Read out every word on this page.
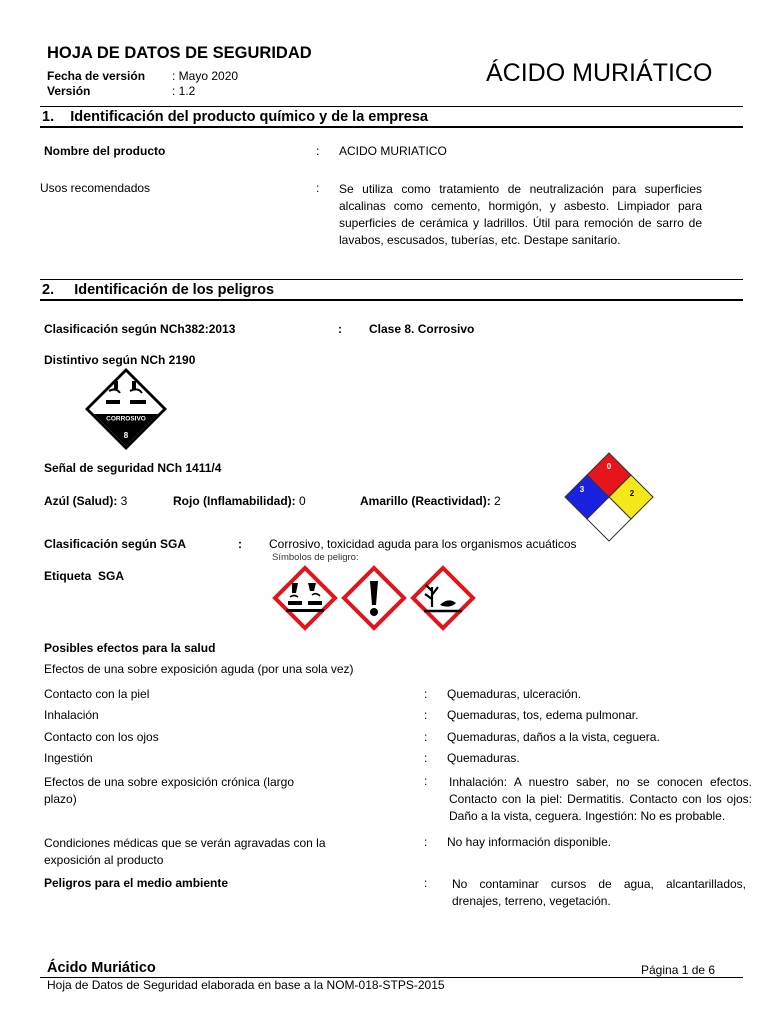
HOJA DE DATOS DE SEGURIDAD
Fecha de versión : Mayo 2020
Versión	: 1.2
ÁCIDO MURIÁTICO
1.    Identificación del producto químico y de la empresa
Nombre del producto	: ACIDO MURIATICO
Usos recomendados	: Se utiliza como tratamiento de neutralización para superficies alcalinas como cemento, hormigón, y asbesto. Limpiador para superficies de cerámica y ladrillos. Útil para remoción de sarro de lavabos, escusados, tuberías, etc. Destape sanitario.
2.     Identificación de los peligros
Clasificación según NCh382:2013	: Clase 8. Corrosivo
Distintivo según NCh 2190
CORROSIVO
8
Señal de seguridad NCh 1411/4
Azúl (Salud): 3	Rojo (Inflamabilidad): 0	Amarillo (Reactividad): 2
0
3	2
Clasificación según SGA	: Corrosivo, toxicidad aguda para los organismos acuáticos
Símbolos de peligro:
Etiqueta  SGA
Posibles efectos para la salud
Efectos de una sobre exposición aguda (por una sola vez)
Contacto con la piel	: Quemaduras, ulceración.
Inhalación	: Quemaduras, tos, edema pulmonar.
Contacto con los ojos	: Quemaduras, daños a la vista, ceguera.
Ingestión	: Quemaduras.
Efectos de una sobre exposición crónica (largo plazo)
: Inhalación: A nuestro saber, no se conocen efectos. Contacto con la piel: Dermatitis. Contacto con los ojos: Daño a la vista, ceguera. Ingestión: No es probable.
Condiciones médicas que se verán agravadas con la exposición al producto
: No hay información disponible.
Peligros para el medio ambiente	: No contaminar cursos de agua, alcantarillados, drenajes, terreno, vegetación.
Ácido Muriático	Página 1 de 6
Hoja de Datos de Seguridad elaborada en base a la NOM-018-STPS-2015
